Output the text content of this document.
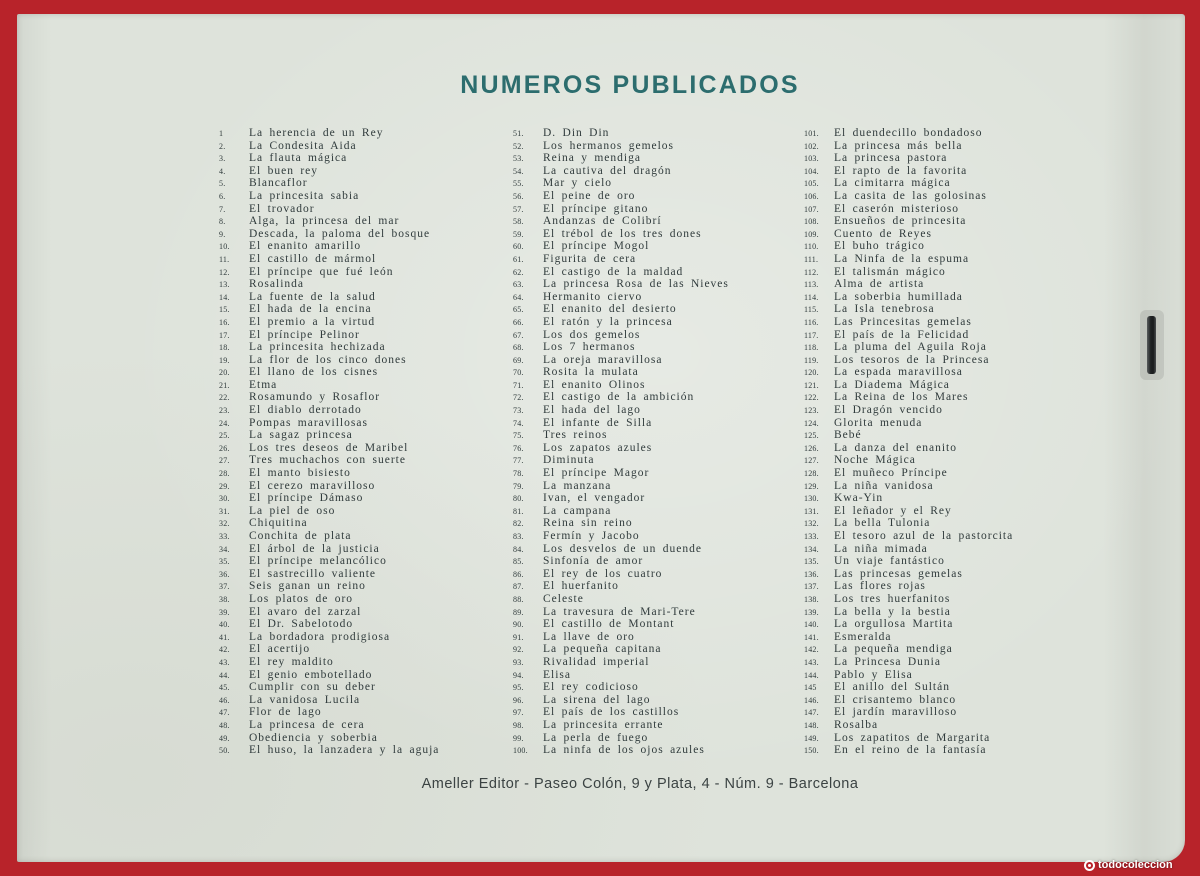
NUMEROS PUBLICADOS
1	La herencia de un Rey
2.	La Condesita Aida
3.	La flauta mágica
4.	El buen rey
5.	Blancaflor
6.	La princesita sabia
7.	El trovador
8.	Alga, la princesa del mar
9.	Descada, la paloma del bosque
10.	El enanito amarillo
11.	El castillo de mármol
12.	El príncipe que fué león
13.	Rosalinda
14.	La fuente de la salud
15.	El hada de la encina
16.	El premio a la virtud
17.	El príncipe Pelinor
18.	La princesita hechizada
19.	La flor de los cinco dones
20.	El llano de los cisnes
21.	Etma
22.	Rosamundo y Rosaflor
23.	El diablo derrotado
24.	Pompas maravillosas
25.	La sagaz princesa
26.	Los tres deseos de Maribel
27.	Tres muchachos con suerte
28.	El manto bisiesto
29.	El cerezo maravilloso
30.	El príncipe Dámaso
31.	La piel de oso
32.	Chiquitina
33.	Conchita de plata
34.	El árbol de la justicia
35.	El príncipe melancólico
36.	El sastrecillo valiente
37.	Seis ganan un reino
38.	Los platos de oro
39.	El avaro del zarzal
40.	El Dr. Sabelotodo
41.	La bordadora prodigiosa
42.	El acertijo
43.	El rey maldito
44.	El genio embotellado
45.	Cumplir con su deber
46.	La vanidosa Lucila
47.	Flor de lago
48.	La princesa de cera
49.	Obediencia y soberbia
50.	El huso, la lanzadera y la aguja
51.	D. Din Din
52.	Los hermanos gemelos
53.	Reina y mendiga
54.	La cautiva del dragón
55.	Mar y cielo
56.	El peine de oro
57.	El príncipe gitano
58.	Andanzas de Colibrí
59.	El trébol de los tres dones
60.	El príncipe Mogol
61.	Figurita de cera
62.	El castigo de la maldad
63.	La princesa Rosa de las Nieves
64.	Hermanito ciervo
65.	El enanito del desierto
66.	El ratón y la princesa
67.	Los dos gemelos
68.	Los 7 hermanos
69.	La oreja maravillosa
70.	Rosita la mulata
71.	El enanito Olinos
72.	El castigo de la ambición
73.	El hada del lago
74.	El infante de Silla
75.	Tres reinos
76.	Los zapatos azules
77.	Diminuta
78.	El príncipe Magor
79.	La manzana
80.	Ivan, el vengador
81.	La campana
82.	Reina sin reino
83.	Fermín y Jacobo
84.	Los desvelos de un duende
85.	Sinfonía de amor
86.	El rey de los cuatro
87.	El huerfanito
88.	Celeste
89.	La travesura de Mari-Tere
90.	El castillo de Montant
91.	La llave de oro
92.	La pequeña capitana
93.	Rivalidad imperial
94.	Elisa
95.	El rey codicioso
96.	La sirena del lago
97.	El país de los castillos
98.	La princesita errante
99.	La perla de fuego
100.	La ninfa de los ojos azules
101.	El duendecillo bondadoso
102.	La princesa más bella
103.	La princesa pastora
104.	El rapto de la favorita
105.	La cimitarra mágica
106.	La casita de las golosinas
107.	El caserón misterioso
108.	Ensueños de princesita
109.	Cuento de Reyes
110.	El buho trágico
111.	La Ninfa de la espuma
112.	El talismán mágico
113.	Alma de artista
114.	La soberbia humillada
115.	La Isla tenebrosa
116.	Las Princesitas gemelas
117.	El país de la Felicidad
118.	La pluma del Aguila Roja
119.	Los tesoros de la Princesa
120.	La espada maravillosa
121.	La Diadema Mágica
122.	La Reina de los Mares
123.	El Dragón vencido
124.	Glorita menuda
125.	Bebé
126.	La danza del enanito
127.	Noche Mágica
128.	El muñeco Príncipe
129.	La niña vanidosa
130.	Kwa-Yin
131.	El leñador y el Rey
132.	La bella Tulonia
133.	El tesoro azul de la pastorcita
134.	La niña mimada
135.	Un viaje fantástico
136.	Las princesas gemelas
137.	Las flores rojas
138.	Los tres huerfanitos
139.	La bella y la bestia
140.	La orgullosa Martita
141.	Esmeralda
142.	La pequeña mendiga
143.	La Princesa Dunia
144.	Pablo y Elisa
145	El anillo del Sultán
146.	El crisantemo blanco
147.	El jardín maravilloso
148.	Rosalba
149.	Los zapatitos de Margarita
150.	En el reino de la fantasía
Ameller Editor - Paseo Colón, 9 y Plata, 4 - Núm. 9 - Barcelona
todocoleccion
